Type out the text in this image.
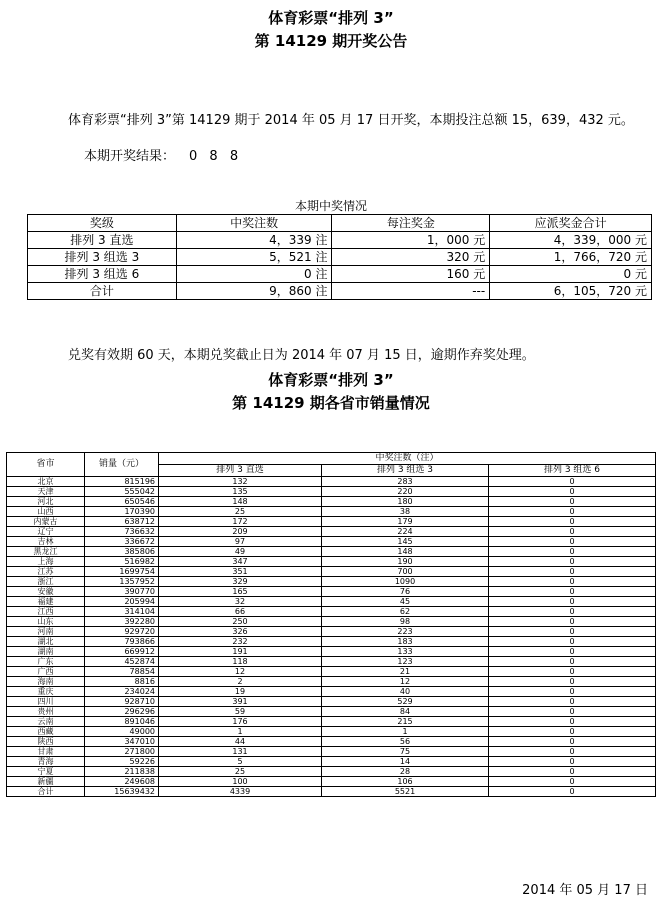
体育彩票“排列 3”
第 14129 期开奖公告
体育彩票“排列 3”第 14129 期于 2014 年 05 月 17 日开奖，本期投注总额 15，639，432 元。
本期开奖结果： 0 8 8
本期中奖情况
奖级	中奖注数	每注奖金	应派奖金合计
排列 3 直选	4，339 注	1，000 元	4，339，000 元
排列 3 组选 3	5，521 注	320 元	1，766，720 元
排列 3 组选 6	0 注	160 元	0 元
合计	9，860 注	---	6，105，720 元
兑奖有效期 60 天，本期兑奖截止日为 2014 年 07 月 15 日，逾期作弃奖处理。
体育彩票“排列 3”
第 14129 期各省市销量情况
省市	销量（元）	中奖注数（注）		
		排列 3 直选	排列 3 组选 3	排列 3 组选 6
北京	815196	132	283	0
天津	555042	135	220	0
河北	650546	148	180	0
山西	170390	25	38	0
内蒙古	638712	172	179	0
辽宁	736632	209	224	0
吉林	336672	97	145	0
黑龙江	385806	49	148	0
上海	516982	347	190	0
江苏	1699754	351	700	0
浙江	1357952	329	1090	0
安徽	390770	165	76	0
福建	205994	32	45	0
江西	314104	66	62	0
山东	392280	250	98	0
河南	929720	326	223	0
湖北	793866	232	183	0
湖南	669912	191	133	0
广东	452874	118	123	0
广西	78854	12	21	0
海南	8816	2	12	0
重庆	234024	19	40	0
四川	928710	391	529	0
贵州	296296	59	84	0
云南	891046	176	215	0
西藏	49000	1	1	0
陕西	347010	44	56	0
甘肃	271800	131	75	0
青海	59226	5	14	0
宁夏	211838	25	28	0
新疆	249608	100	106	0
合计	15639432	4339	5521	0
2014 年 05 月 17 日
